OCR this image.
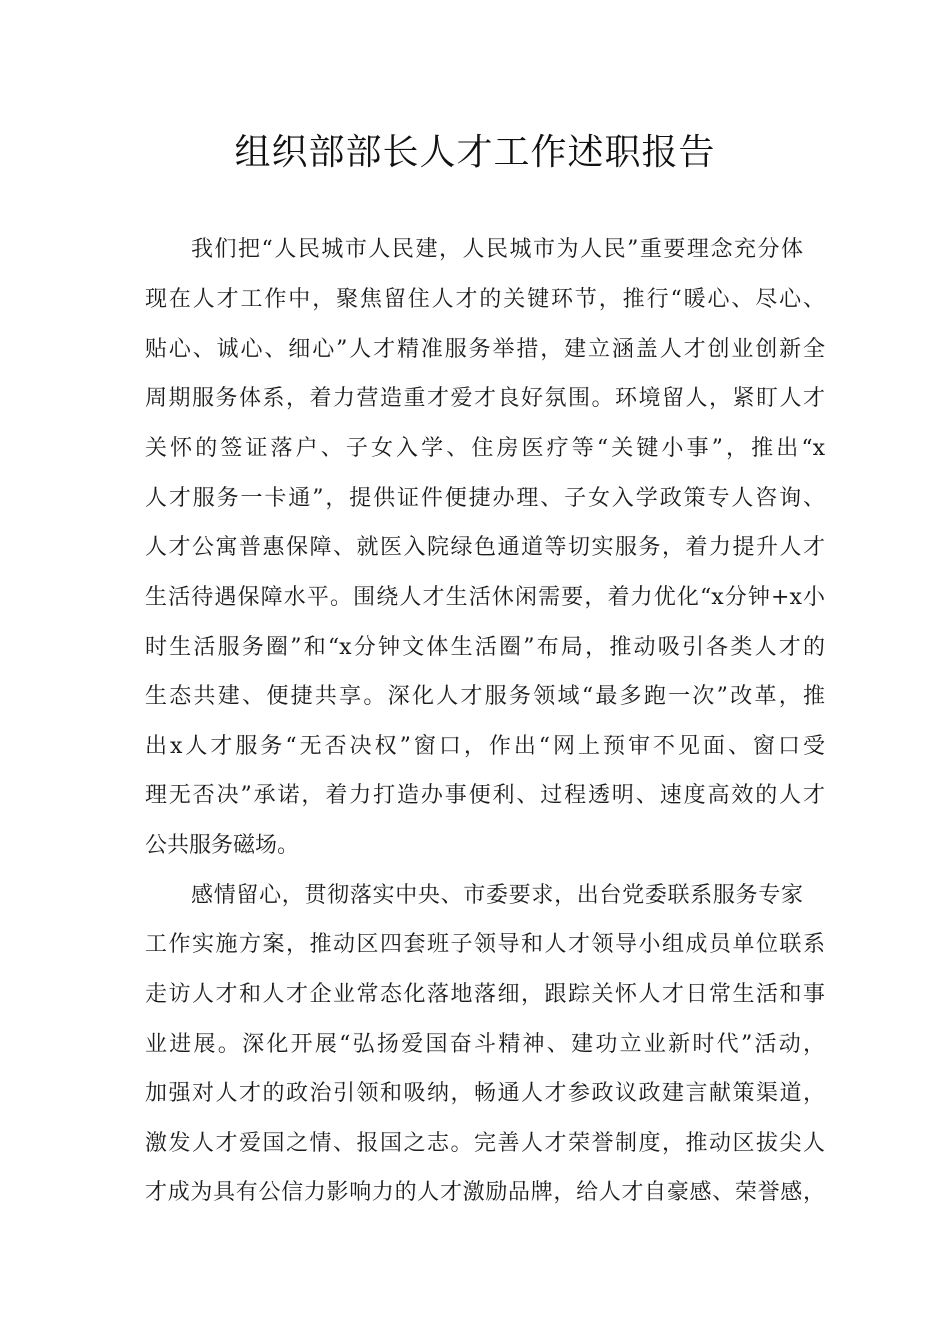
组织部部长人才工作述职报告
我们把“人民城市人民建，人民城市为人民”重要理念充分体
现在人才工作中，聚焦留住人才的关键环节，推行“暖心、尽心、
贴心、诚心、细心”人才精准服务举措，建立涵盖人才创业创新全
周期服务体系，着力营造重才爱才良好氛围。环境留人，紧盯人才
关怀的签证落户、子女入学、住房医疗等“关键小事”，推出“x
人才服务一卡通”，提供证件便捷办理、子女入学政策专人咨询、
人才公寓普惠保障、就医入院绿色通道等切实服务，着力提升人才
生活待遇保障水平。围绕人才生活休闲需要，着力优化“x分钟+x小
时生活服务圈”和“x分钟文体生活圈”布局，推动吸引各类人才的
生态共建、便捷共享。深化人才服务领域“最多跑一次”改革，推
出x人才服务“无否决权”窗口，作出“网上预审不见面、窗口受
理无否决”承诺，着力打造办事便利、过程透明、速度高效的人才
公共服务磁场。
感情留心，贯彻落实中央、市委要求，出台党委联系服务专家
工作实施方案，推动区四套班子领导和人才领导小组成员单位联系
走访人才和人才企业常态化落地落细，跟踪关怀人才日常生活和事
业进展。深化开展“弘扬爱国奋斗精神、建功立业新时代”活动，
加强对人才的政治引领和吸纳，畅通人才参政议政建言献策渠道，
激发人才爱国之情、报国之志。完善人才荣誉制度，推动区拔尖人
才成为具有公信力影响力的人才激励品牌，给人才自豪感、荣誉感，
